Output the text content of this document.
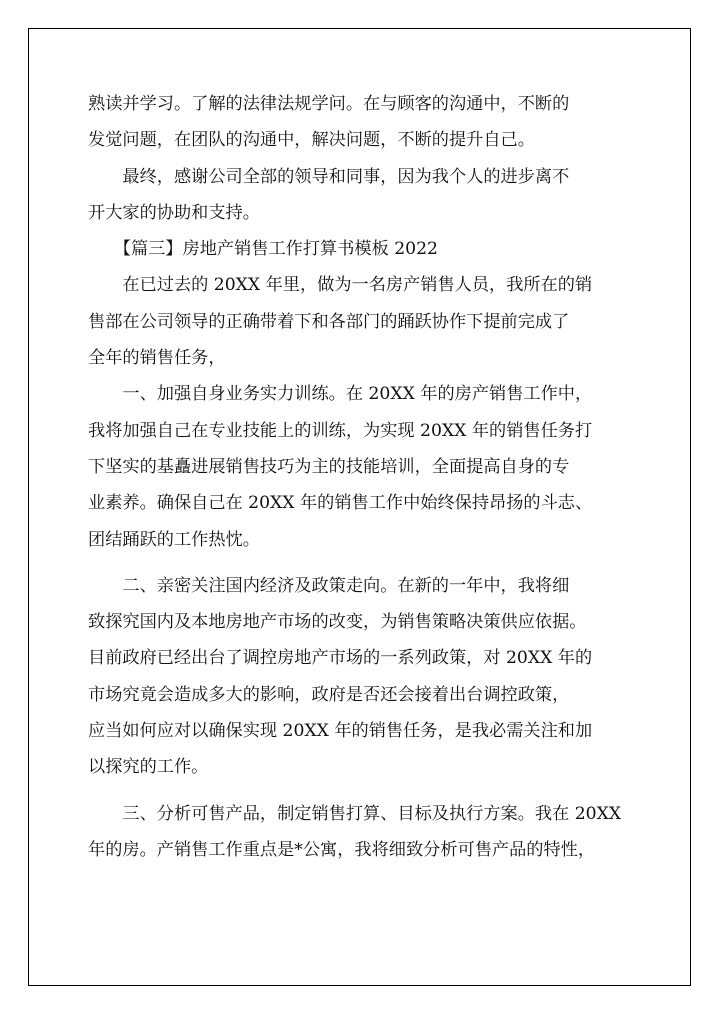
熟读并学习。了解的法律法规学问。在与顾客的沟通中，不断的
发觉问题，在团队的沟通中，解决问题，不断的提升自己。
　　最终，感谢公司全部的领导和同事，因为我个人的进步离不
开大家的协助和支持。
　　【篇三】房地产销售工作打算书模板 2022
　　在已过去的 20XX 年里，做为一名房产销售人员，我所在的销
售部在公司领导的正确带着下和各部门的踊跃协作下提前完成了
全年的销售任务，
　　一、加强自身业务实力训练。在 20XX 年的房产销售工作中，
我将加强自己在专业技能上的训练，为实现 20XX 年的销售任务打
下坚实的基矗进展销售技巧为主的技能培训，全面提高自身的专
业素养。确保自己在 20XX 年的销售工作中始终保持昂扬的斗志、
团结踊跃的工作热忱。
　　二、亲密关注国内经济及政策走向。在新的一年中，我将细
致探究国内及本地房地产市场的改变，为销售策略决策供应依据。
目前政府已经出台了调控房地产市场的一系列政策，对 20XX 年的
市场究竟会造成多大的影响，政府是否还会接着出台调控政策，
应当如何应对以确保实现 20XX 年的销售任务，是我必需关注和加
以探究的工作。
　　三、分析可售产品，制定销售打算、目标及执行方案。我在 20XX
年的房。产销售工作重点是*公寓，我将细致分析可售产品的特性，
